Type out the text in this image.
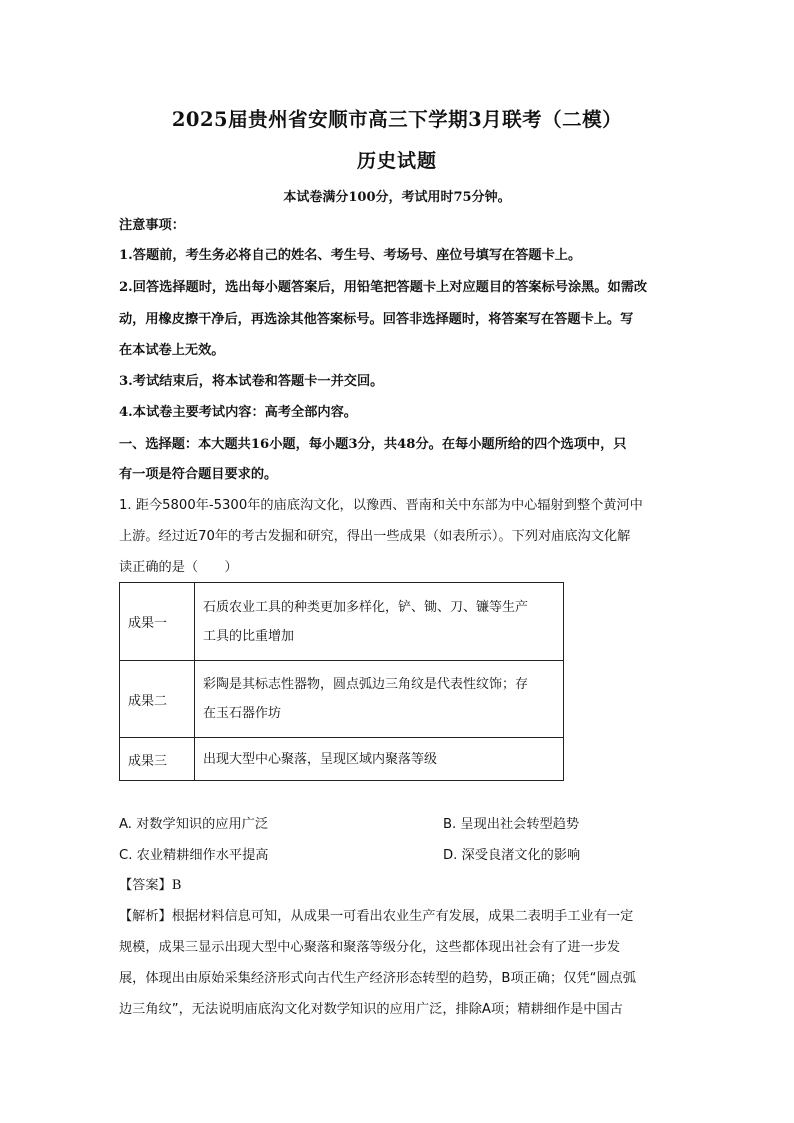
2025届贵州省安顺市高三下学期3月联考（二模）
历史试题
本试卷满分100分，考试用时75分钟。
注意事项：
1.答题前，考生务必将自己的姓名、考生号、考场号、座位号填写在答题卡上。
2.回答选择题时，选出每小题答案后，用铅笔把答题卡上对应题目的答案标号涂黑。如需改
动，用橡皮擦干净后，再选涂其他答案标号。回答非选择题时，将答案写在答题卡上。写
在本试卷上无效。
3.考试结束后，将本试卷和答题卡一并交回。
4.本试卷主要考试内容：高考全部内容。
一、选择题：本大题共16小题，每小题3分，共48分。在每小题所给的四个选项中，只
有一项是符合题目要求的。
1. 距今5800年-5300年的庙底沟文化，以豫西、晋南和关中东部为中心辐射到整个黄河中
上游。经过近70年的考古发掘和研究，得出一些成果（如表所示）。下列对庙底沟文化解
读正确的是（　　）
成果一	石质农业工具的种类更加多样化，铲、锄、刀、镰等生产
工具的比重增加

成果二	彩陶是其标志性器物，圆点弧边三角纹是代表性纹饰；存
在玉石器作坊

成果三	出现大型中心聚落，呈现区域内聚落等级
A. 对数学知识的应用广泛	B. 呈现出社会转型趋势
C. 农业精耕细作水平提高	D. 深受良渚文化的影响
【答案】B
【解析】根据材料信息可知，从成果一可看出农业生产有发展，成果二表明手工业有一定
规模，成果三显示出现大型中心聚落和聚落等级分化，这些都体现出社会有了进一步发
展，体现出由原始采集经济形式向古代生产经济形态转型的趋势，B项正确；仅凭“圆点弧
边三角纹”，无法说明庙底沟文化对数学知识的应用广泛，排除A项；精耕细作是中国古
